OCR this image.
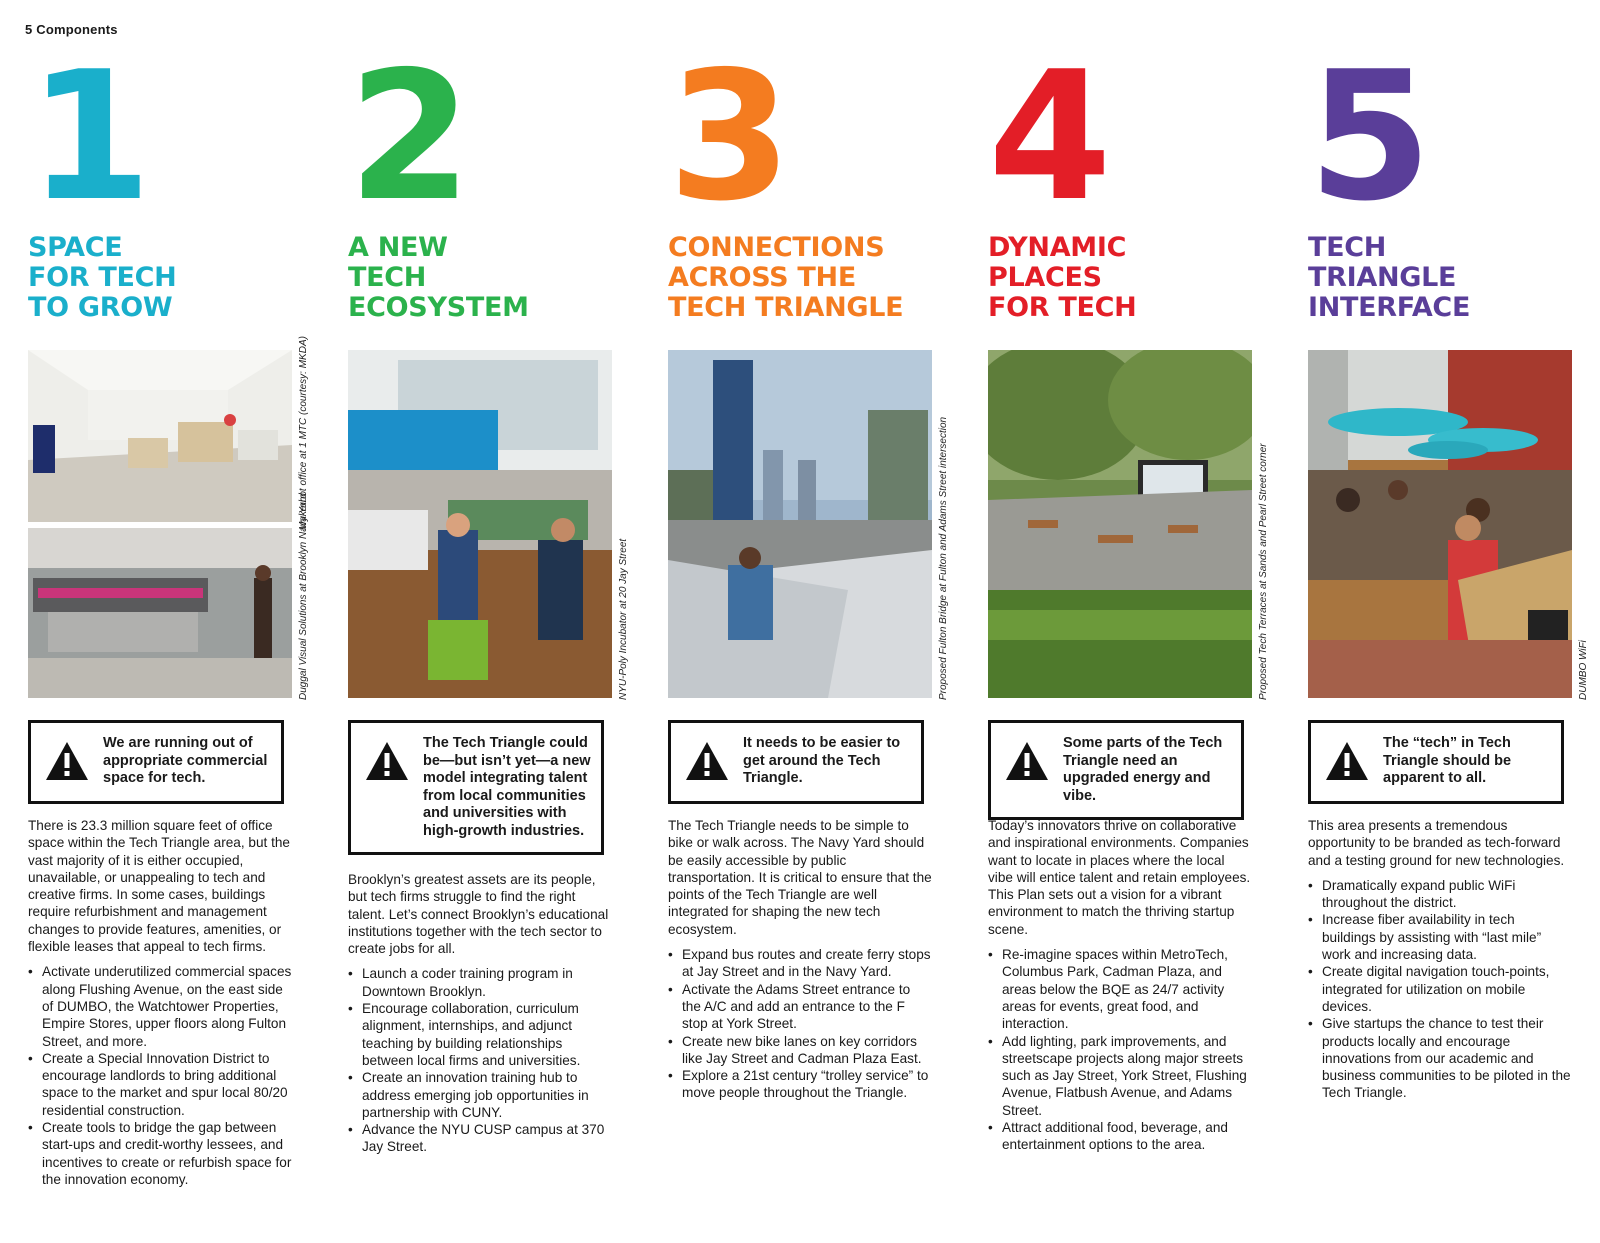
5 Components
1
SPACE
FOR TECH
TO GROW
Makerbot office at 1 MTC (courtesy: MKDA)
Duggal Visual Solutions at Brooklyn Navy Yard
We are running out of appropriate commercial space for tech.

There is 23.3 million square feet of office space within the Tech Triangle area, but the vast majority of it is either occupied, unavailable, or unappealing to tech and creative firms. In some cases, buildings require refurbishment and management changes to provide features, amenities, or flexible leases that appeal to tech firms.

• Activate underutilized commercial spaces along Flushing Avenue, on the east side of DUMBO, the Watchtower Properties, Empire Stores, upper floors along Fulton Street, and more.
• Create a Special Innovation District to encourage landlords to bring additional space to the market and spur local 80/20 residential construction.
• Create tools to bridge the gap between start-ups and credit-worthy lessees, and incentives to create or refurbish space for the innovation economy.
2
A NEW
TECH
ECOSYSTEM
NYU-Poly Incubator at 20 Jay Street
The Tech Triangle could be—but isn’t yet—a new model integrating talent from local communities and universities with high-growth industries.

Brooklyn’s greatest assets are its people, but tech firms struggle to find the right talent. Let’s connect Brooklyn’s educational institutions together with the tech sector to create jobs for all.

• Launch a coder training program in Downtown Brooklyn.
• Encourage collaboration, curriculum alignment, internships, and adjunct teaching by building relationships between local firms and universities.
• Create an innovation training hub to address emerging job opportunities in partnership with CUNY.
• Advance the NYU CUSP campus at 370 Jay Street.
3
CONNECTIONS
ACROSS THE
TECH TRIANGLE
Proposed Fulton Bridge at Fulton and Adams Street intersection
It needs to be easier to get around the Tech Triangle.

The Tech Triangle needs to be simple to bike or walk across. The Navy Yard should be easily accessible by public transportation. It is critical to ensure that the points of the Tech Triangle are well integrated for shaping the new tech ecosystem.

• Expand bus routes and create ferry stops at Jay Street and in the Navy Yard.
• Activate the Adams Street entrance to the A/C and add an entrance to the F stop at York Street.
• Create new bike lanes on key corridors like Jay Street and Cadman Plaza East.
• Explore a 21st century “trolley service” to move people throughout the Triangle.
4
DYNAMIC
PLACES
FOR TECH
Proposed Tech Terraces at Sands and Pearl Street corner
Some parts of the Tech Triangle need an upgraded energy and vibe.

Today’s innovators thrive on collaborative and inspirational environments. Companies want to locate in places where the local vibe will entice talent and retain employees. This Plan sets out a vision for a vibrant environment to match the thriving startup scene.

• Re-imagine spaces within MetroTech, Columbus Park, Cadman Plaza, and areas below the BQE as 24/7 activity areas for events, great food, and interaction.
• Add lighting, park improvements, and streetscape projects along major streets such as Jay Street, York Street, Flushing Avenue, Flatbush Avenue, and Adams Street.
• Attract additional food, beverage, and entertainment options to the area.
5
TECH
TRIANGLE
INTERFACE
DUMBO WiFi
The “tech” in Tech Triangle should be apparent to all.

This area presents a tremendous opportunity to be branded as tech-forward and a testing ground for new technologies.

• Dramatically expand public WiFi throughout the district.
• Increase fiber availability in tech buildings by assisting with “last mile” work and increasing data.
• Create digital navigation touch-points, integrated for utilization on mobile devices.
• Give startups the chance to test their products locally and encourage innovations from our academic and business communities to be piloted in the Tech Triangle.
